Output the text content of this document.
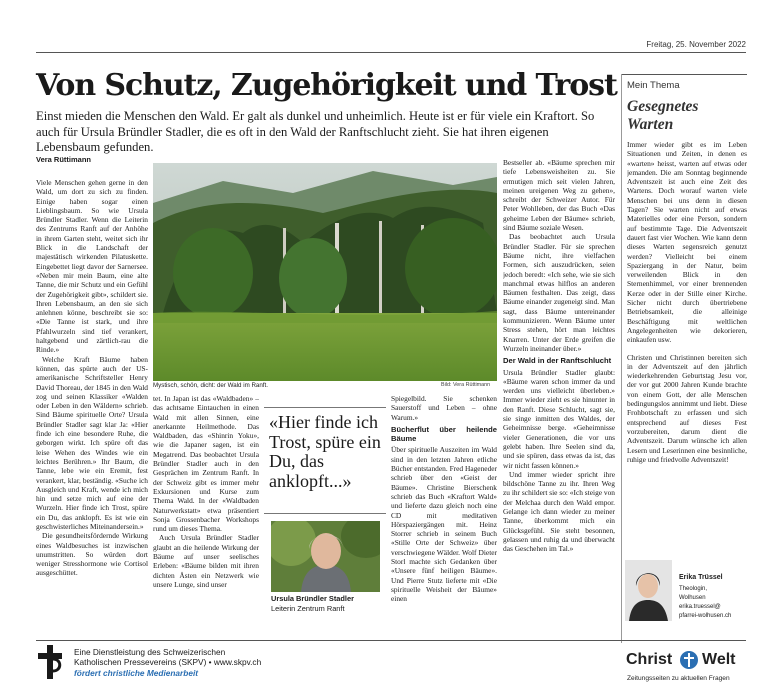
Freitag, 25. November 2022
Von Schutz, Zugehörigkeit und Trost

Einst mieden die Menschen den Wald. Er galt als dunkel und unheimlich. Heute ist er für viele ein Kraftort. So auch für Ursula Bründler Stadler, die es oft in den Wald der Ranftschlucht zieht. Sie hat ihren eigenen Lebensbaum gefunden.

Vera Rüttimann

Viele Menschen gehen gerne in den Wald, um dort zu sich zu finden. Einige haben sogar einen Lieblingsbaum. So wie Ursula Bründler Stadler. Wenn die Leiterin des Zentrums Ranft auf der Anhöhe in ihrem Garten steht, weitet sich ihr Blick in die Landschaft der majestätisch wirkenden Pilatuskette. Eingebettet liegt davor der Sarnersee. «Neben mir mein Baum, eine alte Tanne, die mir Schutz und ein Gefühl der Zugehörigkeit gibt», schildert sie. Ihren Lebensbaum, an den sie sich anlehnen könne, beschreibt sie so: «Die Tanne ist stark, und ihre Pfahlwurzeln sind tief verankert, haltgebend und zärtlich-rau die Rinde.»

Welche Kraft Bäume haben können, das spürte auch der US-amerikanische Schriftsteller Henry David Thoreau, der 1845 in den Wald zog und seinen Klassiker «Walden oder Leben in den Wäldern» schrieb. Sind Bäume spirituelle Orte? Ursula Bründler Stadler sagt klar Ja: «Hier finde ich eine besondere Ruhe, die geborgen wirkt. Ich spüre oft das leise Wehen des Windes wie ein leichtes Berühren.» Ihr Baum, die Tanne, lebe wie ein Eremit, fest verankert, klar, beständig. «Suche ich Ausgleich und Kraft, wende ich mich hin und setze mich auf eine der Wurzeln. Hier finde ich Trost, spüre ein Du, das anklopft. Es ist wie ein geschwisterliches Miteinandersein.»

Die gesundheitsfördernde Wirkung eines Waldbesuches ist inzwischen unumstritten. So würden dort weniger Stresshormone wie Cortisol ausgeschüttet.

Mystisch, schön, dicht: der Wald im Ranft.	Bild: Vera Rüttimann

tet. In Japan ist das «Waldbaden» – das achtsame Eintauchen in einen Wald mit allen Sinnen, eine anerkannte Heilmethode. Das Waldbaden, das «Shinrin Yoku», wie die Japaner sagen, ist ein Megatrend. Das beobachtet Ursula Bründler Stadler auch in den Gesprächen im Zentrum Ranft. In der Schweiz gibt es immer mehr Exkursionen und Kurse zum Thema Wald. In der «Waldbaden Naturwerkstatt» etwa präsentiert Sonja Grossenbacher Workshops rund um dieses Thema.

Auch Ursula Bründler Stadler glaubt an die heilende Wirkung der Bäume auf unser seelisches Erleben: «Bäume bilden mit ihren dichten Ästen ein Netzwerk wie unsere Lunge, sind unser

«Hier finde ich Trost, spüre ein Du, das anklopft...»
Ursula Bründler Stadler
Leiterin Zentrum Ranft

Spiegelbild. Sie schenken Sauerstoff und Leben – ohne Warum.»

Bücherflut über heilende Bäume

Über spirituelle Auszeiten im Wald sind in den letzten Jahren etliche Bücher entstanden. Fred Hageneder schrieb über den «Geist der Bäume». Christine Bierschenk schrieb das Buch «Kraftort Wald» und lieferte dazu gleich noch eine CD mit meditativen Hörspaziergängen mit. Heinz Storrer schrieb in seinem Buch «Stille Orte der Schweiz» über verschwiegene Wälder. Wolf Dieter Storl machte sich Gedanken über «Unsere fünf heiligen Bäume». Und Pierre Stutz lieferte mit «Die spirituelle Weisheit der Bäume» einen

Bestseller ab. «Bäume sprechen mir tiefe Lebensweisheiten zu. Sie ermutigen mich seit vielen Jahren, meinen ureigenen Weg zu gehen», schreibt der Schweizer Autor. Für Peter Wohlleben, der das Buch «Das geheime Leben der Bäume» schrieb, sind Bäume soziale Wesen.

Das beobachtet auch Ursula Bründler Stadler. Für sie sprechen Bäume nicht, ihre vielfachen Formen, sich auszudrücken, seien jedoch beredt: «Ich sehe, wie sie sich manchmal etwas hilflos an anderen Bäumen festhalten. Das zeigt, dass Bäume einander zugeneigt sind. Man sagt, dass Bäume untereinander kommunizieren. Wenn Bäume unter Stress stehen, hört man leichtes Knarren. Unter der Erde greifen die Wurzeln ineinander über.»

Der Wald in der Ranftschlucht

Ursula Bründler Stadler glaubt: «Bäume waren schon immer da und werden uns vielleicht überleben.» Immer wieder zieht es sie hinunter in den Ranft. Diese Schlucht, sagt sie, sie singe inmitten des Waldes, der Geheimnisse berge. «Geheimnisse vieler Generationen, die vor uns gelebt haben. Ihre Seelen sind da, und sie spüren, dass etwas da ist, das wir nicht fassen können.»

Und immer wieder spricht ihre bildschöne Tanne zu ihr. Ihren Weg zu ihr schildert sie so: «Ich steige von der Melchaa durch den Wald empor. Gelange ich dann wieder zu meiner Tanne, überkommt mich ein Glücksgefühl. Sie steht besonnen, gelassen und ruhig da und überwacht das Geschehen im Tal.»

Mein Thema
Gesegnetes Warten

Immer wieder gibt es im Leben Situationen und Zeiten, in denen es «warten» heisst, warten auf etwas oder jemanden. Die am Sonntag beginnende Adventszeit ist auch eine Zeit des Wartens. Doch worauf warten viele Menschen bei uns denn in diesen Tagen? Sie warten nicht auf etwas Materielles oder eine Person, sondern auf bestimmte Tage. Die Adventszeit dauert fast vier Wochen. Wie kann denn dieses Warten segensreich genutzt werden? Vielleicht bei einem Spaziergang in der Natur, beim verweilenden Blick in den Sternenhimmel, vor einer brennenden Kerze oder in der Stille einer Kirche. Sicher nicht durch übertriebene Betriebsamkeit, die alleinige Beschäftigung mit weltlichen Angelegenheiten wie dekorieren, einkaufen usw.

Christen und Christinnen bereiten sich in der Adventszeit auf den jährlich wiederkehrenden Geburtstag Jesu vor, der vor gut 2000 Jahren Kunde brachte von einem Gott, der alle Menschen bedingungslos annimmt und liebt. Diese Frohbotschaft zu erfassen und sich entsprechend auf dieses Fest vorzubereiten, darum dient die Adventszeit. Darum wünsche ich allen Lesern und Leserinnen eine besinnliche, ruhige und friedvolle Adventszeit!

Erika Trüssel
Theologin,
Wolhusen
erika.truessel@
pfarrei-wolhusen.ch
Eine Dienstleistung des Schweizerischen
Katholischen Pressevereins (SKPV) • www.skpv.ch
fördert christliche Medienarbeit
Christ Welt
Zeitungsseiten zu aktuellen Fragen
